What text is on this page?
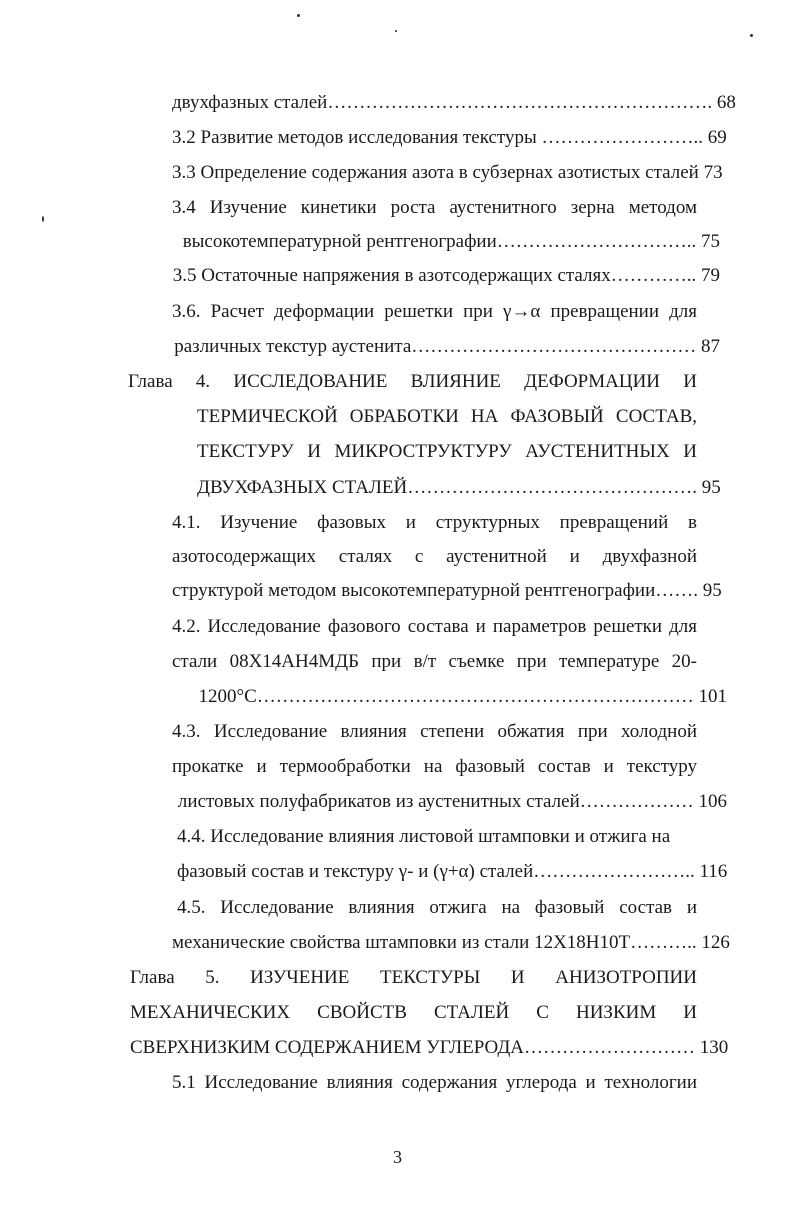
двухфазных сталей……………………………………………………. 68
3.2 Развитие методов исследования текстуры …………………….. 69
3.3 Определение содержания азота в субзернах азотистых сталей 73
3.4 Изучение кинетики роста аустенитного зерна методом
высокотемпературной рентгенографии………………………….. 75
3.5 Остаточные напряжения в азотсодержащих сталях………….. 79
3.6. Расчет деформации решетки при γ→α превращении для
различных текстур аустенита……………………………………… 87
Глава 4. ИССЛЕДОВАНИЕ ВЛИЯНИЕ ДЕФОРМАЦИИ И
ТЕРМИЧЕСКОЙ ОБРАБОТКИ НА ФАЗОВЫЙ СОСТАВ,
ТЕКСТУРУ И МИКРОСТРУКТУРУ АУСТЕНИТНЫХ И
ДВУХФАЗНЫХ СТАЛЕЙ………………………………………. 95
4.1. Изучение фазовых и структурных превращений в
азотосодержащих сталях с аустенитной и двухфазной
структурой методом высокотемпературной рентгенографии……. 95
4.2. Исследование фазового состава и параметров решетки для
стали 08Х14АН4МДБ при в/т съемке при температуре 20-
1200°С…………………………………………………………… 101
4.3. Исследование влияния степени обжатия при холодной
прокатке и термообработки на фазовый состав и текстуру
листовых полуфабрикатов из аустенитных сталей……………… 106
4.4. Исследование влияния листовой штамповки и отжига на
фазовый состав и текстуру γ- и (γ+α) сталей…………………….. 116
4.5. Исследование влияния отжига на фазовый состав и
механические свойства штамповки из стали 12Х18Н10Т……….. 126
Глава 5. ИЗУЧЕНИЕ ТЕКСТУРЫ И АНИЗОТРОПИИ
МЕХАНИЧЕСКИХ СВОЙСТВ СТАЛЕЙ С НИЗКИМ И
СВЕРХНИЗКИМ СОДЕРЖАНИЕМ УГЛЕРОДА……………………… 130
5.1 Исследование влияния содержания углерода и технологии
3
